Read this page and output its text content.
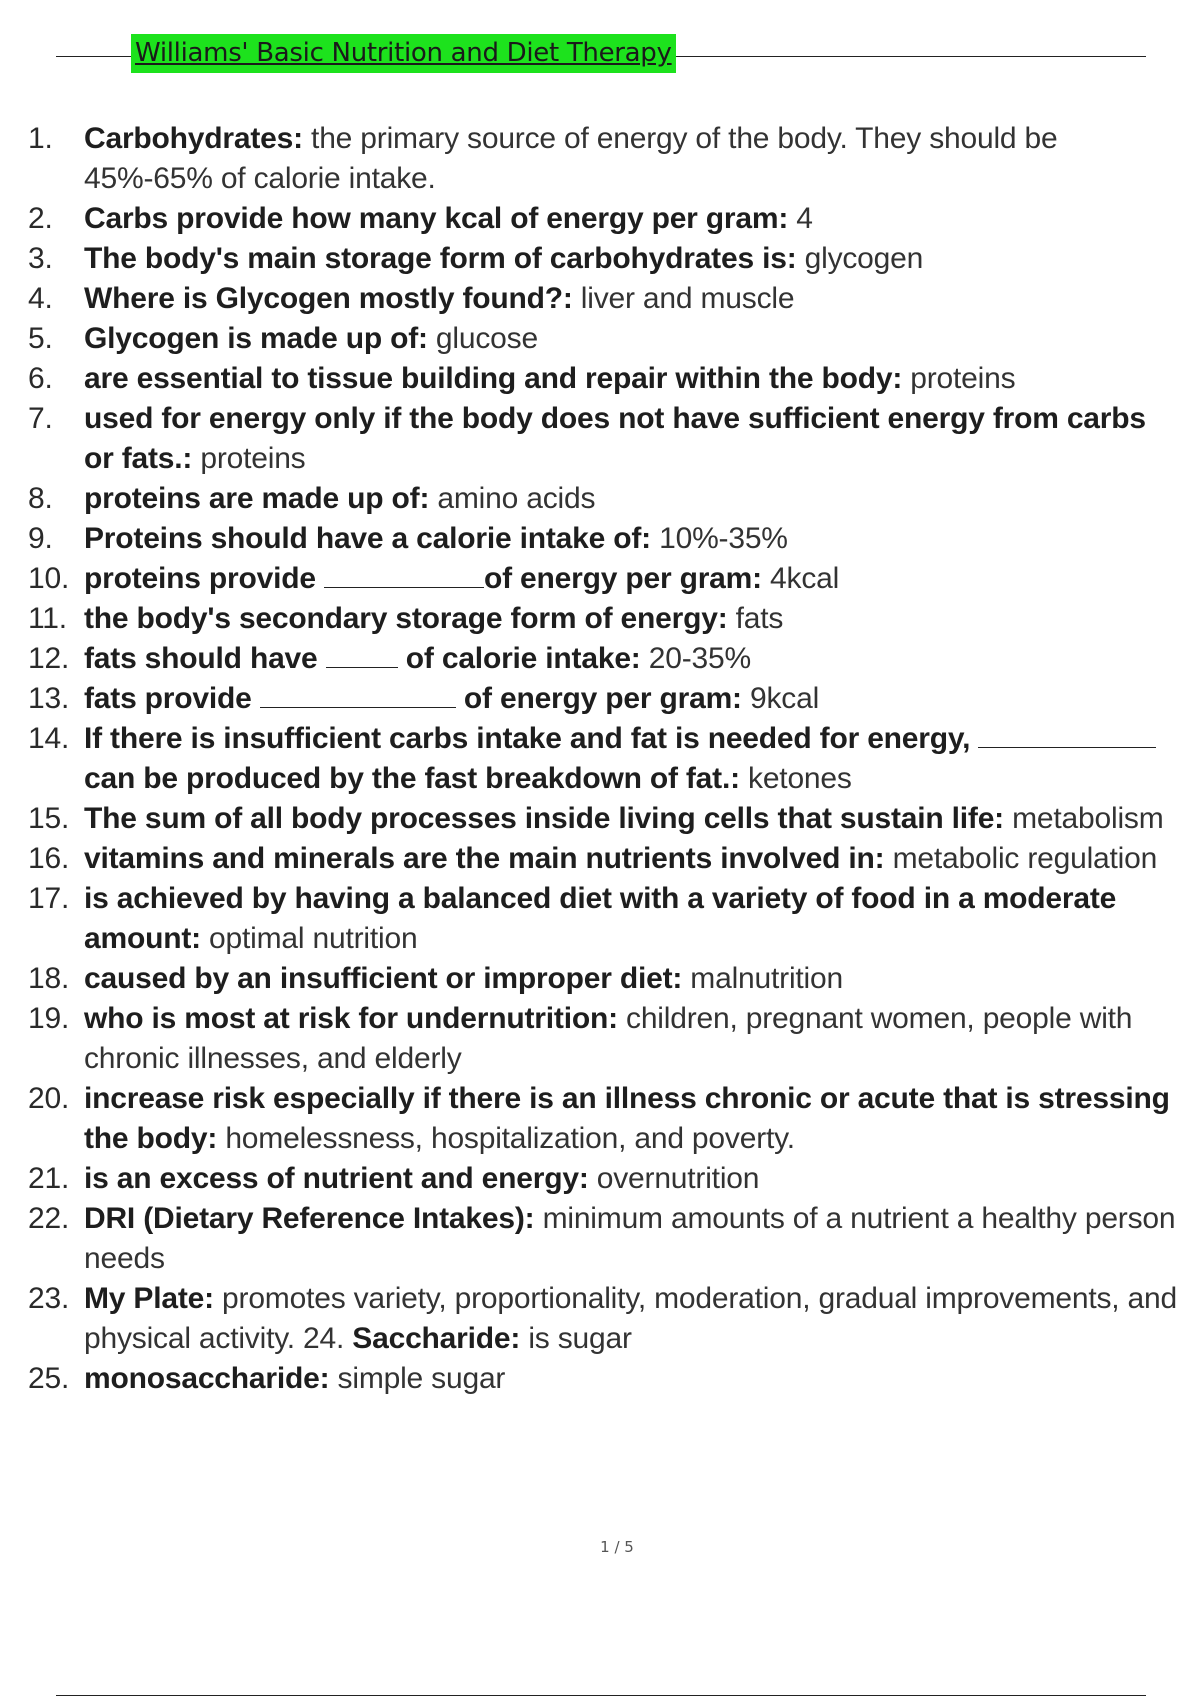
Williams' Basic Nutrition and Diet Therapy
1.	Carbohydrates: the primary source of energy of the body. They should be 45%-65% of calorie intake.
2.	Carbs provide how many kcal of energy per gram: 4
3.	The body's main storage form of carbohydrates is: glycogen
4.	Where is Glycogen mostly found?: liver and muscle
5.	Glycogen is made up of: glucose
6.	are essential to tissue building and repair within the body: proteins
7.	used for energy only if the body does not have sufficient energy from carbs or fats.: proteins
8.	proteins are made up of: amino acids
9.	Proteins should have a calorie intake of: 10%-35%
10. proteins provide	of energy per gram: 4kcal
11. the body's secondary storage form of energy: fats
12. fats should have  of calorie intake: 20-35%
13. fats provide	of energy per gram: 9kcal
14. If there is insufficient carbs intake and fat is needed for energy,  can be produced by the fast breakdown of fat.: ketones
15. The sum of all body processes inside living cells that sustain life: metabolism
16. vitamins and minerals are the main nutrients involved in: metabolic regulation
17. is achieved by having a balanced diet with a variety of food in a moderate amount: optimal nutrition
18. caused by an insufficient or improper diet: malnutrition
19. who is most at risk for undernutrition: children, pregnant women, people with chronic illnesses, and elderly
20. increase risk especially if there is an illness chronic or acute that is stressing the body: homelessness, hospitalization, and poverty.
21. is an excess of nutrient and energy: overnutrition
22. DRI (Dietary Reference Intakes): minimum amounts of a nutrient a healthy person needs
23. My Plate: promotes variety, proportionality, moderation, gradual improvements, and physical activity. 24. Saccharide: is sugar
25. monosaccharide: simple sugar
1 / 5
